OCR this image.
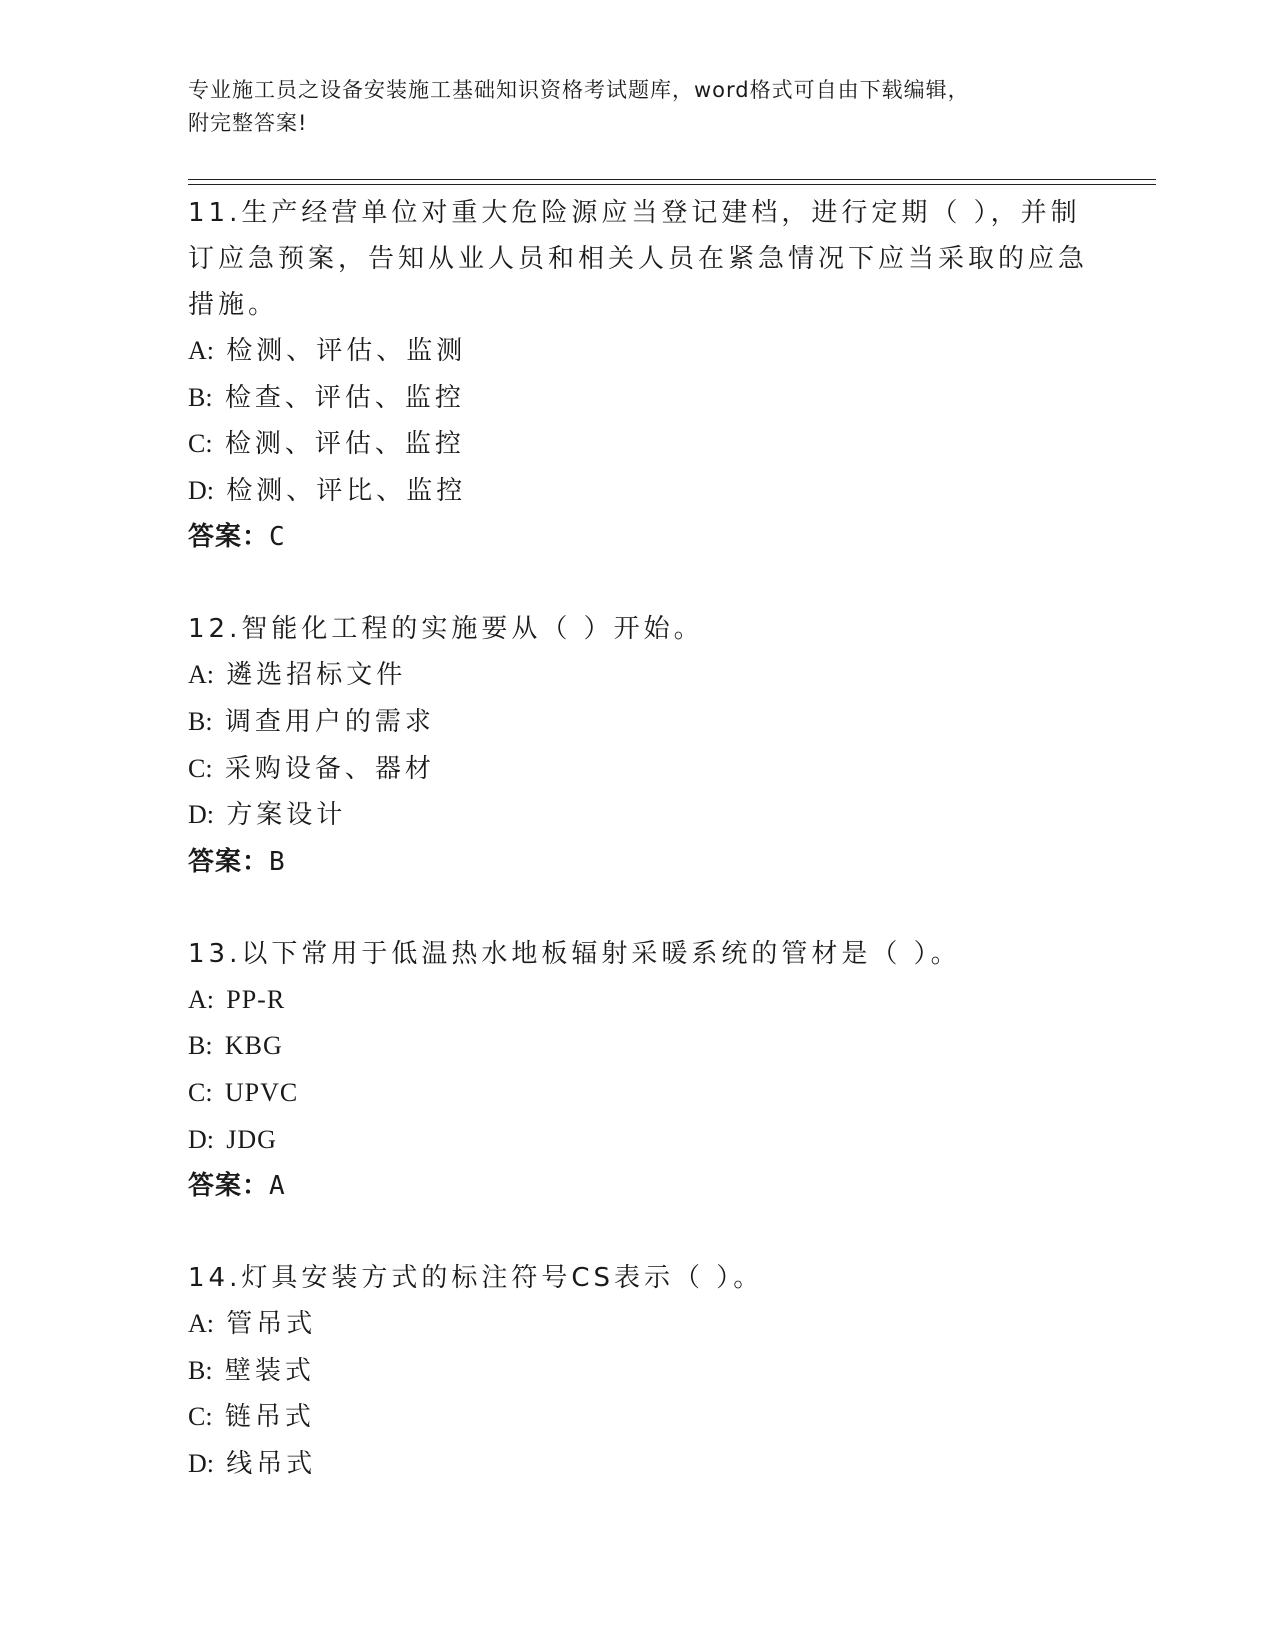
专业施工员之设备安装施工基础知识资格考试题库，word格式可自由下载编辑，
附完整答案!
11.生产经营单位对重大危险源应当登记建档，进行定期（ ），并制
订应急预案，告知从业人员和相关人员在紧急情况下应当采取的应急
措施。
A: 检测、评估、监测
B: 检查、评估、监控
C: 检测、评估、监控
D: 检测、评比、监控
答案：C
12.智能化工程的实施要从（ ）开始。
A: 遴选招标文件
B: 调查用户的需求
C: 采购设备、器材
D: 方案设计
答案：B
13.以下常用于低温热水地板辐射采暖系统的管材是（ ）。
A: PP-R
B: KBG
C: UPVC
D: JDG
答案：A
14.灯具安装方式的标注符号CS表示（ ）。
A: 管吊式
B: 壁装式
C: 链吊式
D: 线吊式
